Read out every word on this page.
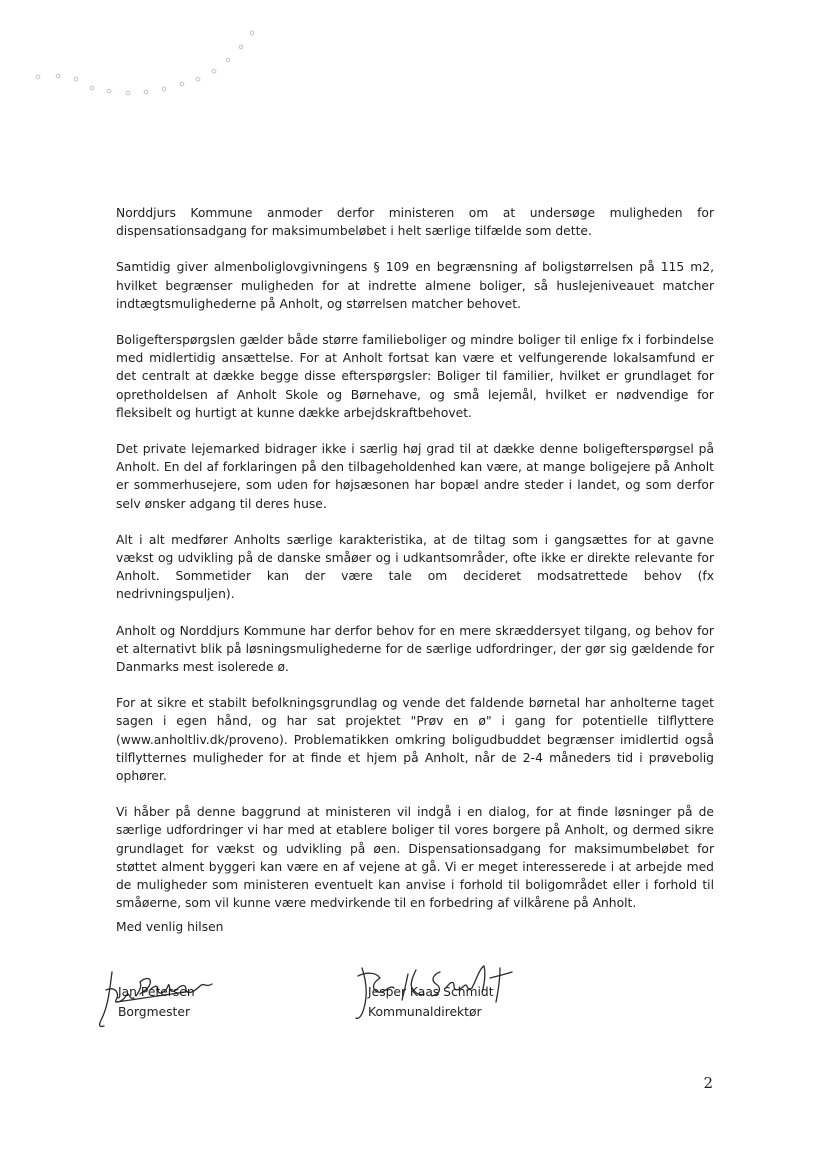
Norddjurs Kommune anmoder derfor ministeren om at undersøge muligheden for dispensationsadgang for maksimumbeløbet i helt særlige tilfælde som dette.

Samtidig giver almenboliglovgivningens § 109 en begrænsning af boligstørrelsen på 115 m2, hvilket begrænser muligheden for at indrette almene boliger, så huslejeniveauet matcher indtægtsmulighederne på Anholt, og størrelsen matcher behovet.

Boligefterspørgslen gælder både større familieboliger og mindre boliger til enlige fx i forbindelse med midlertidig ansættelse. For at Anholt fortsat kan være et velfungerende lokalsamfund er det centralt at dække begge disse efterspørgsler: Boliger til familier, hvilket er grundlaget for opretholdelsen af Anholt Skole og Børnehave, og små lejemål, hvilket er nødvendige for fleksibelt og hurtigt at kunne dække arbejdskraftbehovet.

Det private lejemarked bidrager ikke i særlig høj grad til at dække denne boligefterspørgsel på Anholt. En del af forklaringen på den tilbageholdenhed kan være, at mange boligejere på Anholt er sommerhusejere, som uden for højsæsonen har bopæl andre steder i landet, og som derfor selv ønsker adgang til deres huse.

Alt i alt medfører Anholts særlige karakteristika, at de tiltag som i gangsættes for at gavne vækst og udvikling på de danske småøer og i udkantsområder, ofte ikke er direkte relevante for Anholt. Sommetider kan der være tale om decideret modsatrettede behov (fx nedrivningspuljen).

Anholt og Norddjurs Kommune har derfor behov for en mere skræddersyet tilgang, og behov for et alternativt blik på løsningsmulighederne for de særlige udfordringer, der gør sig gældende for Danmarks mest isolerede ø.

For at sikre et stabilt befolkningsgrundlag og vende det faldende børnetal har anholterne taget sagen i egen hånd, og har sat projektet "Prøv en ø" i gang for potentielle tilflyttere (www.anholtliv.dk/proveno). Problematikken omkring boligudbuddet begrænser imidlertid også tilflytternes muligheder for at finde et hjem på Anholt, når de 2-4 måneders tid i prøvebolig ophører.

Vi håber på denne baggrund at ministeren vil indgå i en dialog, for at finde løsninger på de særlige udfordringer vi har med at etablere boliger til vores borgere på Anholt, og dermed sikre grundlaget for vækst og udvikling på øen. Dispensationsadgang for maksimumbeløbet for støttet alment byggeri kan være en af vejene at gå. Vi er meget interesserede i at arbejde med de muligheder som ministeren eventuelt kan anvise i forhold til boligområdet eller i forhold til småøerne, som vil kunne være medvirkende til en forbedring af vilkårene på Anholt.

Med venlig hilsen
Jan Petersen
Borgmester
Jesper Kaas Schmidt
Kommunaldirektør
2
